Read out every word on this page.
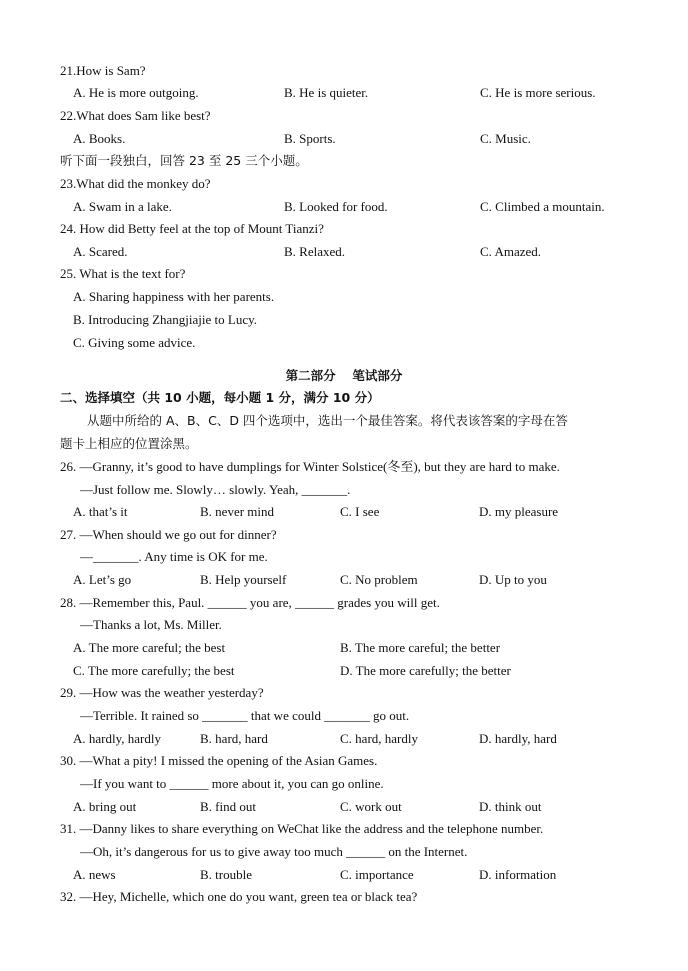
21.How is Sam?
A. He is more outgoing.	B. He is quieter.	C. He is more serious.
22.What does Sam like best?
A. Books.	B. Sports.	C. Music.
听下面一段独白，回答 23 至 25 三个小题。
23.What did the monkey do?
A. Swam in a lake.	B. Looked for food.	C. Climbed a mountain.
24. How did Betty feel at the top of Mount Tianzi?
A. Scared.	B. Relaxed.	C. Amazed.
25. What is the text for?
A. Sharing happiness with her parents.
B. Introducing Zhangjiajie to Lucy.
C. Giving some advice.
第二部分　 笔试部分
二、选择填空（共 10 小题，每小题 1 分，满分 10 分）
从题中所给的 A、B、C、D 四个选项中，选出一个最佳答案。将代表该答案的字母在答
题卡上相应的位置涂黑。
26. —Granny, it’s good to have dumplings for Winter Solstice(冬至), but they are hard to make.
—Just follow me. Slowly… slowly. Yeah, _______.
A. that’s it	B. never mind	C. I see	D. my pleasure
27. —When should we go out for dinner?
—_______. Any time is OK for me.
A. Let’s go	B. Help yourself	C. No problem	D. Up to you
28. —Remember this, Paul. ______ you are, ______ grades you will get.
—Thanks a lot, Ms. Miller.
A. The more careful; the best	B. The more careful; the better
C. The more carefully; the best	D. The more carefully; the better
29. —How was the weather yesterday?
—Terrible. It rained so _______ that we could _______ go out.
A. hardly, hardly	B. hard, hard	C. hard, hardly	D. hardly, hard
30. —What a pity! I missed the opening of the Asian Games.
—If you want to ______ more about it, you can go online.
A. bring out	B. find out	C. work out	D. think out
31. —Danny likes to share everything on WeChat like the address and the telephone number.
—Oh, it’s dangerous for us to give away too much ______ on the Internet.
A. news	B. trouble	C. importance	D. information
32. —Hey, Michelle, which one do you want, green tea or black tea?
